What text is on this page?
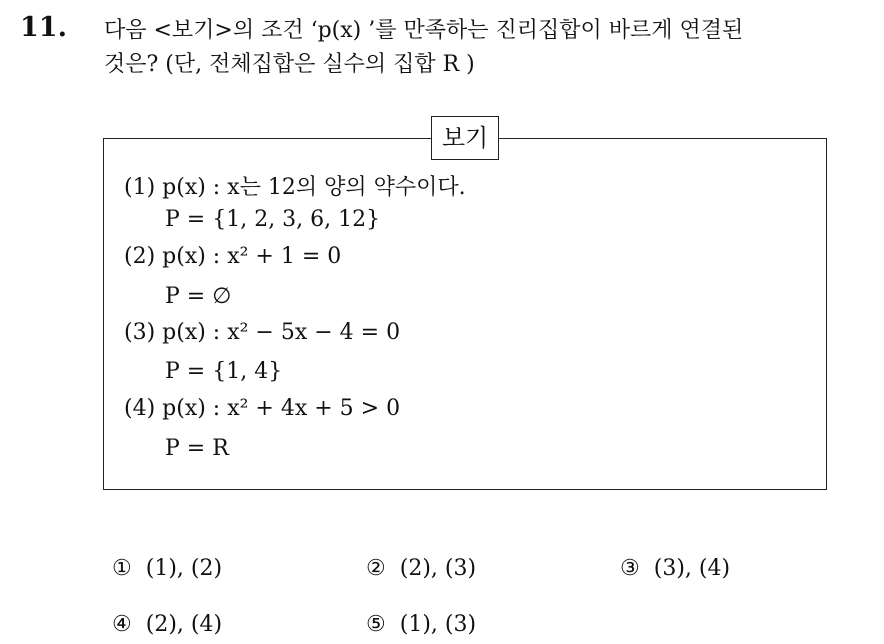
11. 다음 <보기>의 조건 ‘p(x) ’를 만족하는 진리집합이 바르게 연결된
것은? (단, 전체집합은 실수의 집합 R )
보기
(1) p(x) : x는 12의 양의 약수이다.
P = {1, 2, 3, 6, 12}
(2) p(x) : x² + 1 = 0
P = ∅
(3) p(x) : x² − 5x − 4 = 0
P = {1, 4}
(4) p(x) : x² + 4x + 5 > 0
P = R
① (1), (2)	② (2), (3)	③ (3), (4)
④ (2), (4)	⑤ (1), (3)
